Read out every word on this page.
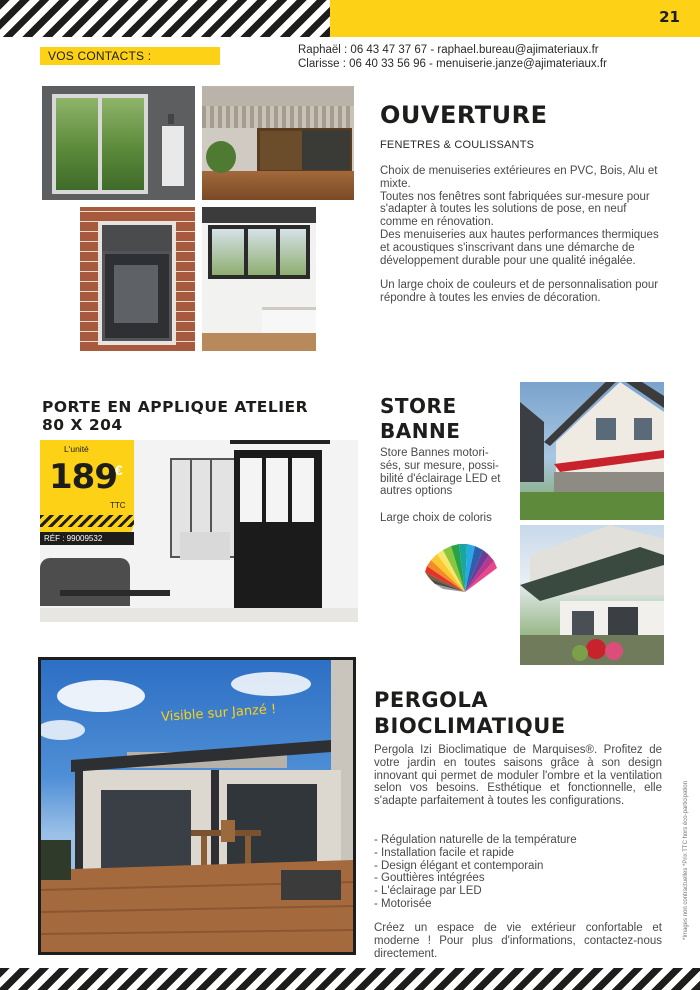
21
VOS CONTACTS :	Raphaël : 06 43 47 37 67 - raphael.bureau@ajimateriaux.fr
Clarisse : 06 40 33 56 96 - menuiserie.janze@ajimateriaux.fr
OUVERTURE
FENETRES & COULISSANTS

Choix de menuiseries extérieures en PVC, Bois, Alu et mixte.

Toutes nos fenêtres sont fabriquées sur-mesure pour s'adapter à toutes les solutions de pose, en neuf comme en rénovation.

Des menuiseries aux hautes performances thermiques et acoustiques s'inscrivant dans une démarche de développement durable pour une qualité inégalée.

Un large choix de couleurs et de personnalisation pour répondre à toutes les envies de décoration.

PORTE EN APPLIQUE ATELIER
80 X 204
L'unité
189
€
TTC
RÉF : 99009532
STORE
BANNE
Store Bannes motori-
sés, sur mesure, possi-
bilité d'éclairage LED et
autres options
Large choix de coloris
Visible sur Janzé !
PERGOLA
BIOCLIMATIQUE
Pergola Izi Bioclimatique de Marquises®. Profitez de votre jardin en toutes saisons grâce à son design innovant qui permet de moduler l'ombre et la ventilation selon vos besoins. Esthétique et fonctionnelle, elle s'adapte parfaitement à toutes les configurations.
- Régulation naturelle de la température
- Installation facile et rapide
- Design élégant et contemporain
- Gouttières intégrées
- L'éclairage par LED
- Motorisée
Créez un espace de vie extérieur confortable et moderne ! Pour plus d'informations, contactez-nous directement.
*Images non contractuelles *Prix TTC hors éco-participation
